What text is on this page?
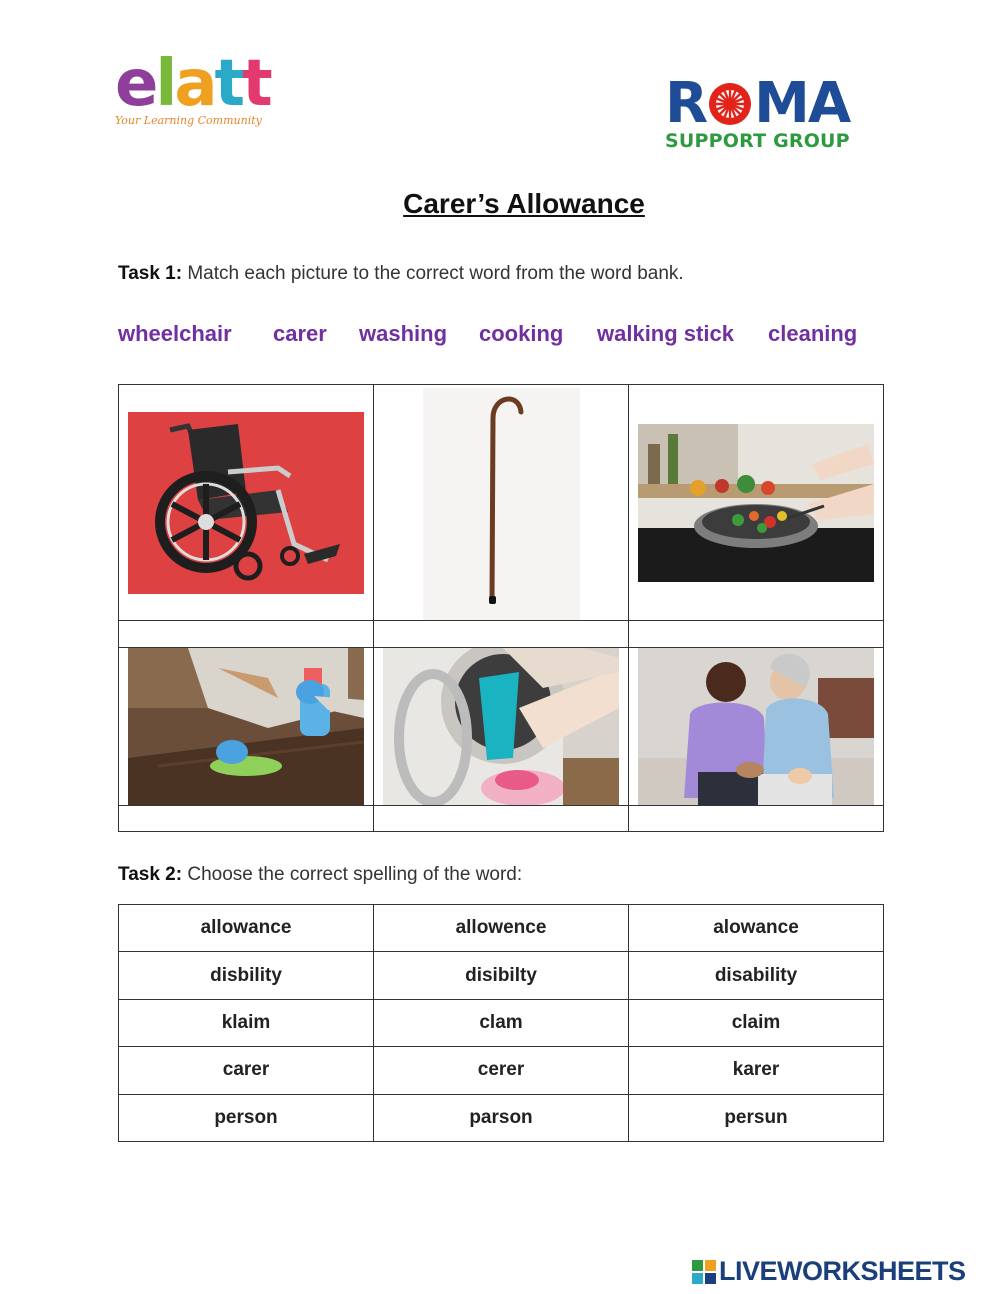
elatt
Your Learning Community	R MA
SUPPORT GROUP
Carer’s Allowance
Task 1: Match each picture to the correct word from the word bank.
wheelchair carer washing cooking walking stick cleaning
Task 2: Choose the correct spelling of the word:
allowance	allowence	alowance
disbility	disibilty	disability
klaim	clam	claim
carer	cerer	karer
person	parson	persun
LIVEWORKSHEETS
